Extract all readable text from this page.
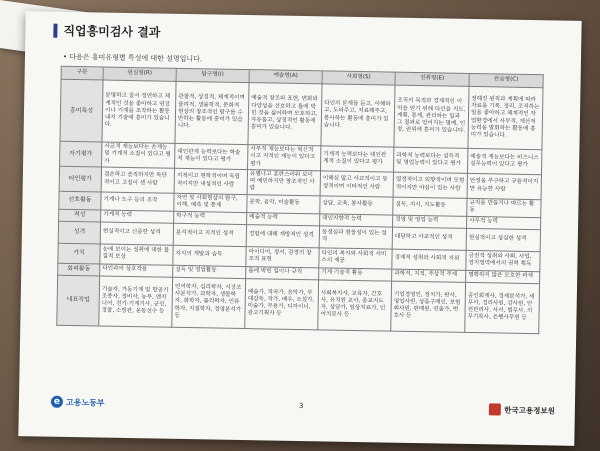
직업흥미검사 결과
• 다음은 흥미유형별 특성에 대한 설명입니다.
구분	현실형(R)	탐구형(I)	예술형(A)	사회형(S)	진취형(E)	관습형(C)
흥미특성	분명하고 질서 정연하고 체계적인 것을 좋아하고 연장이나 기계를 조작하는 활동내지 기술에 흥미가 있습니다.	관찰적, 상징적, 체계적이며 물리적, 생물학적, 문화적 현상의 창조적인 탐구를 수반하는 활동에 흥미가 있습니다.	예술적 창조와 표현, 변화와 다양성을 선호하고 틀에 박힌 것을 싫어하며 모호하고, 자유롭고, 상징적인 활동에 흥미가 있습니다.	타인의 문제를 듣고, 이해하고, 도와주고, 치료해주고, 봉사하는 활동에 흥미가 있습니다.	조직의 목적과 경제적인 이익을 얻기 위해 타인을 지도, 계획, 통제, 관리하는 일과 그 결과로 얻어지는 명예, 인정, 권위에 흥미가 있습니다.	정해진 원칙과 계획에 따라 자료를 기록, 정리, 조직하는 일을 좋아하고 체계적인 작업환경에서 사무적, 계산적 능력을 발휘하는 활동에 흥미가 있습니다.
자기평가	사교적 재능보다는 손재능 및 기계적 소질이 있다고 평가	대인관계 능력보다는 학술적 재능이 있다고 평가	사무적 재능보다는 혁신적이고 지적인 재능이 있다고 평가	기계적 능력보다는 대인관계적 소질이 있다고 평가	과학적 능력보다는 설득적 및 영업능력이 있다고 평가	예술적 재능보다는 비즈니스 실무능력이 있다고 평가
타인평가	겸손하고 솔직하지만 독단적이고 고집이 센 사람	지적이고 현학적이며 독립적이지만 내성적인 사람	유별나고 혼란스러워 보이며 예민하지만 창조적인 사람	이해심 많고 사교적이고 동정적이며 이타적인 사람	열정적이고 외향적이며 모험적이지만 야심이 있는 사람	안정을 추구하고 규율적이지만 유능한 사람
선호활동	기계나 도구 등의 조작	자연 및 사회현상의 탐구, 이해, 예측 및 통제	문학, 음악, 미술활동	상담, 교육, 봉사활동	설득, 지시, 지도활동	규칙을 만들거나 따르는 활동
적성	기계적 능력	학구적 능력	예술적 능력	대인지향적 능력	경영 및 영업 능력	사무적 능력
성격	현실적이고 신중한 성격	분석적이고 지적인 성격	경험에 대해 개방적인 성격	동정심과 참을성이 있는 성격	대담하고 사교적인 성격	현실적이고 성실한 성격
가치	눈에 보이는 성취에 대한 물질적 보상	지식의 개발과 습득	아이디어, 정서, 감정의 창조적 표현	타인의 복지와 사회적 서비스의 제공	경제적 성취와 사회적 지위	금전적 성취와 사회, 사업, 정치영역에서의 권력 획득
회피활동	타인과의 상호작용	설득 및 영업활동	틀에 박힌 일이나 규칙	기계·기술적 활동	과학적, 지적, 추상적 주제	명확하지 않은 모호한 과제
대표직업	기술자, 가동기계 및 항공기 조종사, 정비사, 농부, 엔지니어, 전기·기계기사, 군인, 경찰, 소방관, 운동선수 등	언어학자, 심리학자, 시장조사분석가, 과학자, 생물학자, 화학자, 물리학자, 인류학자, 지질학자, 경영분석가 등	예술가, 작곡가, 음악가, 무대감독, 작가, 배우, 소설가, 미술가, 무용가, 디자이너, 광고기획자 등	사회복지사, 교육자, 간호사, 유치원 교사, 종교지도자, 상담가, 임상치료가, 언어치료사 등	기업경영인, 정치가, 판사, 영업사원, 상품구매인, 보험회사원, 판매원, 연출가, 변호사 등	공인회계사, 경제분석가, 세무사, 경리사원, 감사원, 안전관리사, 사서, 법무사, 의무기록사, 은행사무원 등
e 고용노동부	3	한국고용정보원
